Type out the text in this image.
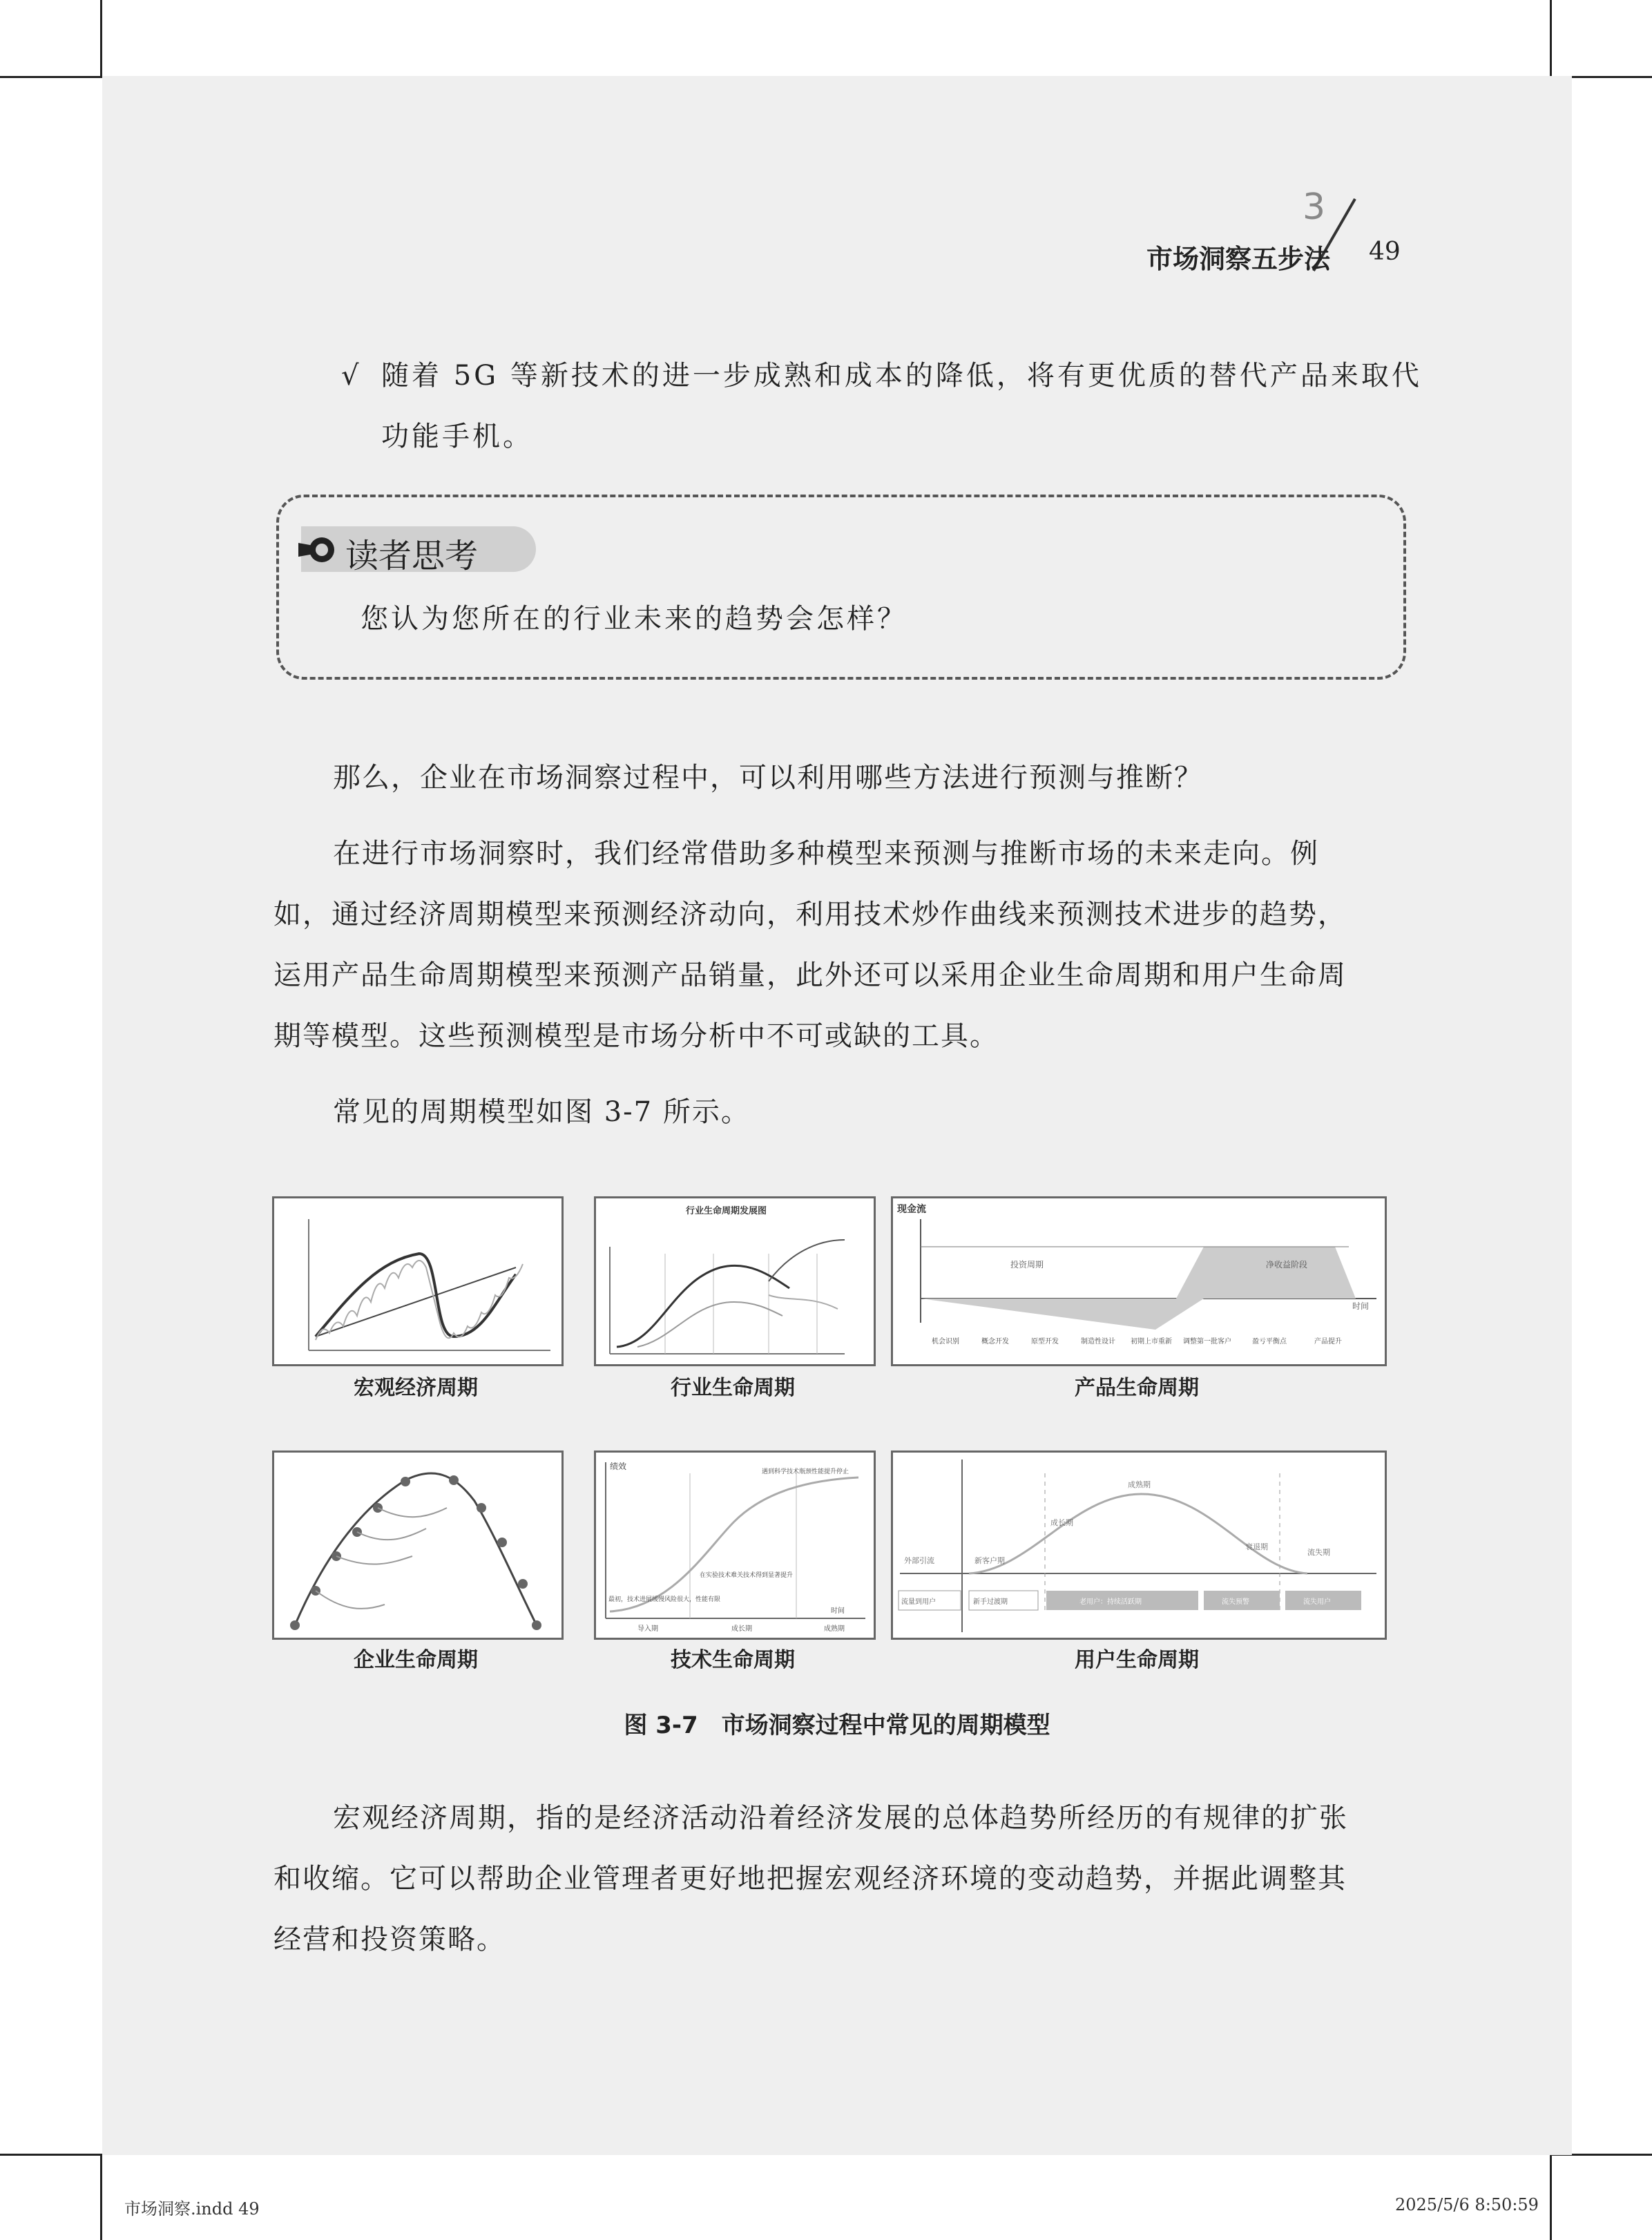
3
市场洞察五步法 49
√ 随着 5G 等新技术的进一步成熟和成本的降低，将有更优质的替代产品来取代
功能手机。
读者思考
您认为您所在的行业未来的趋势会怎样？
那么，企业在市场洞察过程中，可以利用哪些方法进行预测与推断？
在进行市场洞察时，我们经常借助多种模型来预测与推断市场的未来走向。例
如，通过经济周期模型来预测经济动向，利用技术炒作曲线来预测技术进步的趋势，
运用产品生命周期模型来预测产品销量，此外还可以采用企业生命周期和用户生命周
期等模型。这些预测模型是市场分析中不可或缺的工具。
常见的周期模型如图 3-7 所示。
宏观经济周期
行业生命周期发展图
行业生命周期
现金流
投资周期	净收益阶段
时间
机会识别	概念开发	原型开发	制造性设计 初期上市重新 调整第一批客户	盈亏平衡点	产品提升
产品生命周期
企业生命周期
绩效
遇到科学技术瓶颈性能提升停止
在实验技术难关技术得到显著提升
最初，技术进展缓慢风险很大，性能有限
时间
导入期	成长期	成熟期
技术生命周期
成熟期
成长期
衰退期
外部引流	新客户期
流失期
流量到用户	新手过渡期	老用户：持续活跃期	流失预警	流失用户
用户生命周期
图 3-7　市场洞察过程中常见的周期模型
宏观经济周期，指的是经济活动沿着经济发展的总体趋势所经历的有规律的扩张
和收缩。它可以帮助企业管理者更好地把握宏观经济环境的变动趋势，并据此调整其
经营和投资策略。
市场洞察.indd 49	2025/5/6 8:50:59
